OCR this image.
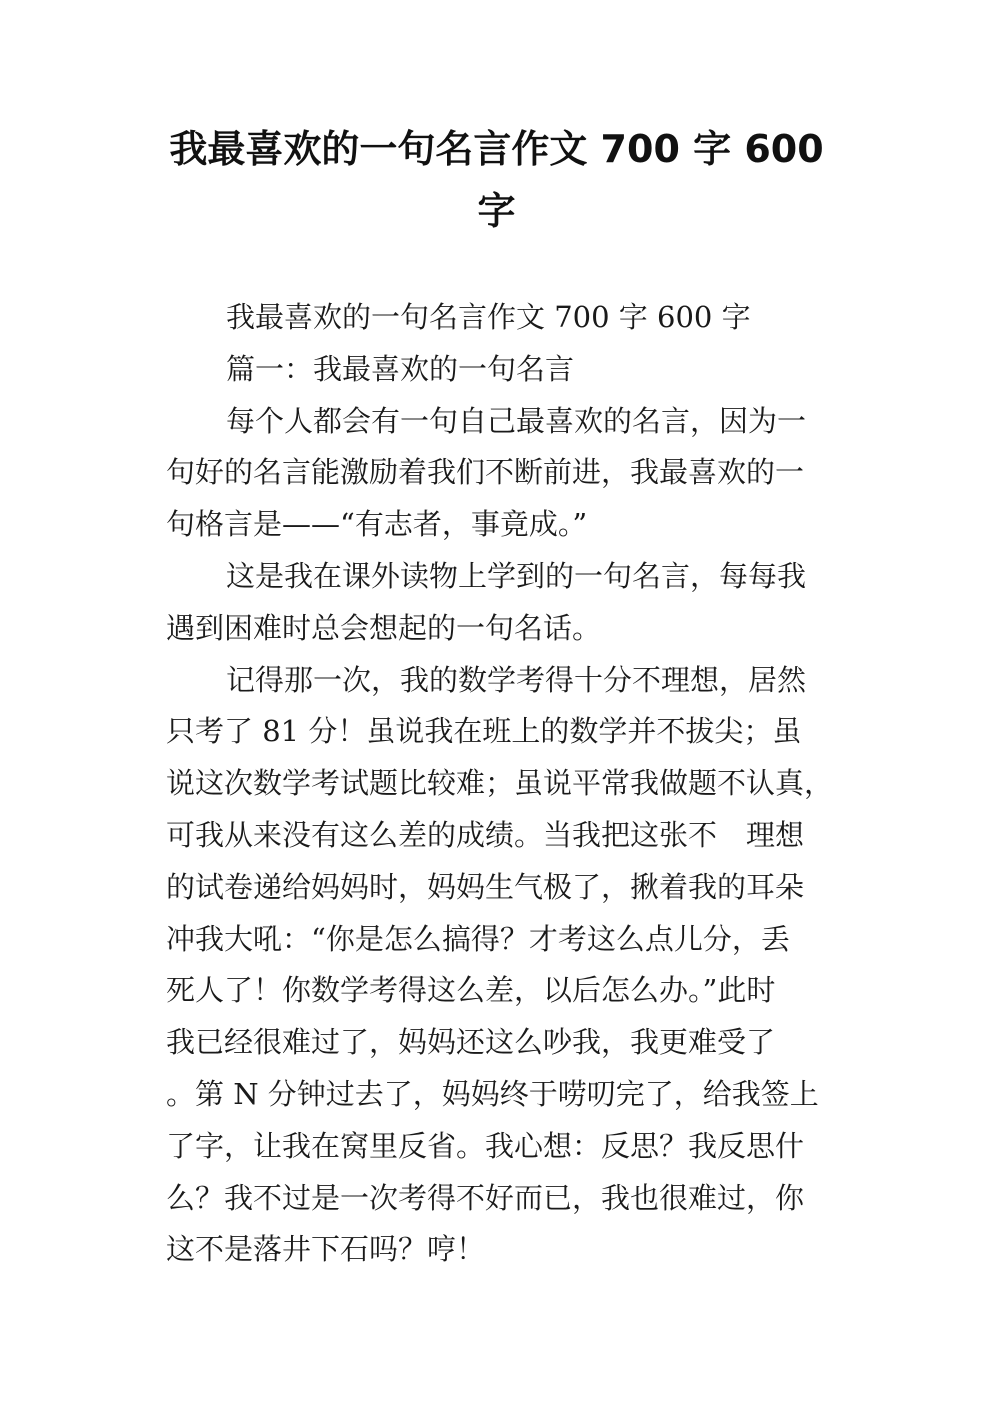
我最喜欢的一句名言作文 700 字 600
字
我最喜欢的一句名言作文 700 字 600 字
篇一：我最喜欢的一句名言
每个人都会有一句自己最喜欢的名言，因为一
句好的名言能激励着我们不断前进，我最喜欢的一
句格言是——“有志者，事竟成。”
这是我在课外读物上学到的一句名言，每每我
遇到困难时总会想起的一句名话。
记得那一次，我的数学考得十分不理想，居然
只考了 81 分！虽说我在班上的数学并不拔尖；虽
说这次数学考试题比较难；虽说平常我做题不认真，
可我从来没有这么差的成绩。当我把这张不　理想
的试卷递给妈妈时，妈妈生气极了，揪着我的耳朵
冲我大吼：“你是怎么搞得？才考这么点儿分，丢
死人了！你数学考得这么差，以后怎么办。”此时
我已经很难过了，妈妈还这么吵我，我更难受了
。第 N 分钟过去了，妈妈终于唠叨完了，给我签上
了字，让我在窝里反省。我心想：反思？我反思什
么？我不过是一次考得不好而已，我也很难过，你
这不是落井下石吗？哼！
